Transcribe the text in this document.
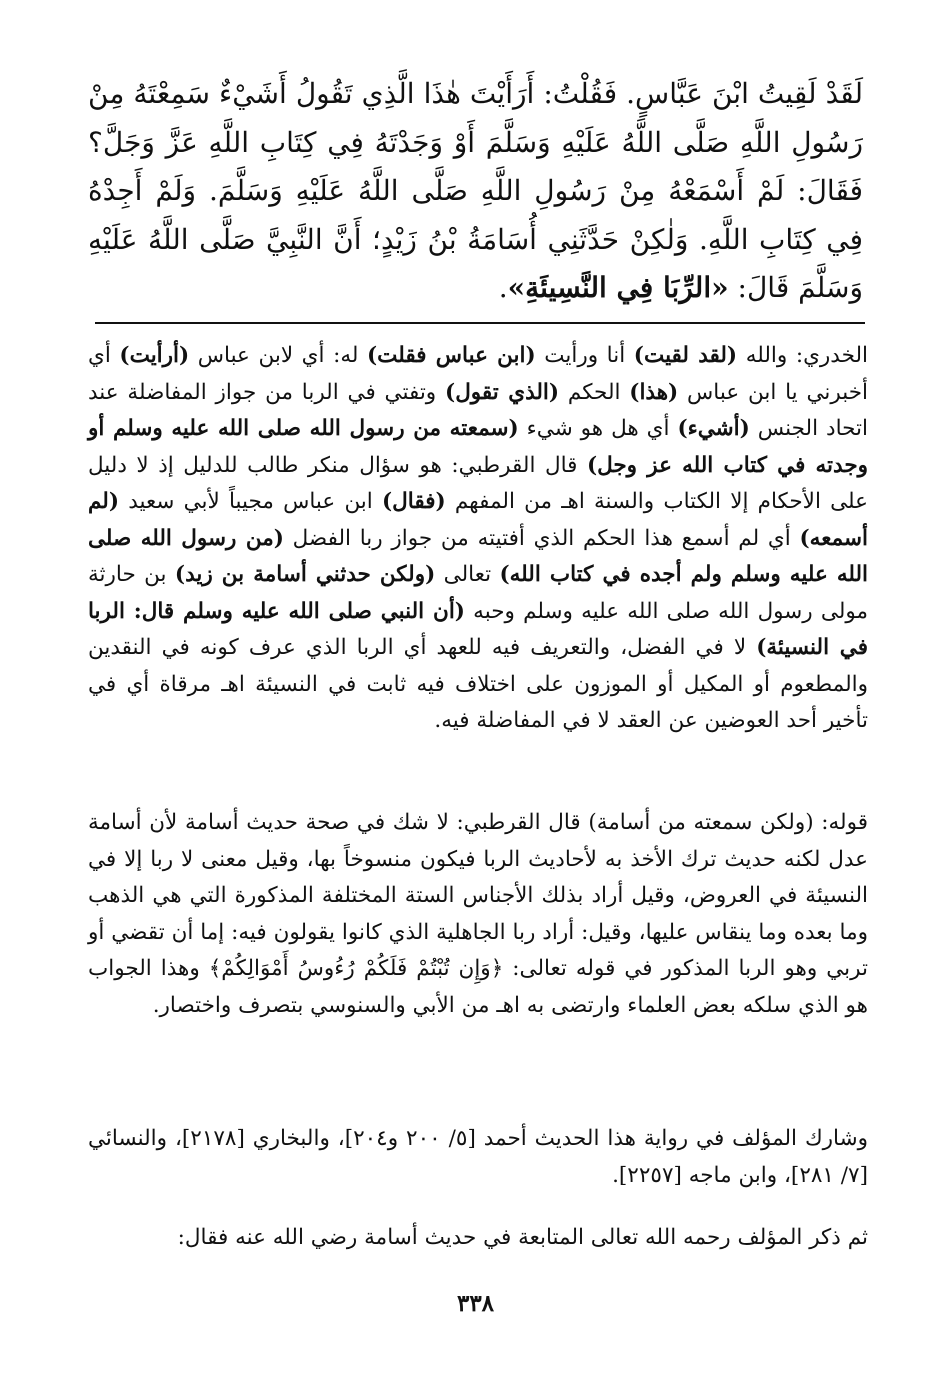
لَقَدْ لَقِيتُ ابْنَ عَبَّاسٍ. فَقُلْتُ: أَرَأَيْتَ هٰذَا الَّذِي تَقُولُ أَشَيْءٌ سَمِعْتَهُ مِنْ رَسُولِ اللَّهِ صَلَّى اللَّهُ عَلَيْهِ وَسَلَّمَ أَوْ وَجَدْتَهُ فِي كِتَابِ اللَّهِ عَزَّ وَجَلَّ؟ فَقَالَ: لَمْ أَسْمَعْهُ مِنْ رَسُولِ اللَّهِ صَلَّى اللَّهُ عَلَيْهِ وَسَلَّمَ. وَلَمْ أَجِدْهُ فِي كِتَابِ اللَّهِ. وَلٰكِنْ حَدَّثَنِي أُسَامَةُ بْنُ زَيْدٍ؛ أَنَّ النَّبِيَّ صَلَّى اللَّهُ عَلَيْهِ وَسَلَّمَ قَالَ: «الرِّبَا فِي النَّسِيئَةِ».
الخدري: والله (لقد لقيت) أنا ورأيت (ابن عباس فقلت) له: أي لابن عباس (أرأيت) أي أخبرني يا ابن عباس (هذا) الحكم (الذي تقول) وتفتي في الربا من جواز المفاضلة عند اتحاد الجنس (أشيء) أي هل هو شيء (سمعته من رسول الله صلى الله عليه وسلم أو وجدته في كتاب الله عز وجل) قال القرطبي: هو سؤال منكر طالب للدليل إذ لا دليل على الأحكام إلا الكتاب والسنة اهـ من المفهم (فقال) ابن عباس مجيباً لأبي سعيد (لم أسمعه) أي لم أسمع هذا الحكم الذي أفتيته من جواز ربا الفضل (من رسول الله صلى الله عليه وسلم ولم أجده في كتاب الله) تعالى (ولكن حدثني أسامة بن زيد) بن حارثة مولى رسول الله صلى الله عليه وسلم وحبه (أن النبي صلى الله عليه وسلم قال: الربا في النسيئة) لا في الفضل، والتعريف فيه للعهد أي الربا الذي عرف كونه في النقدين والمطعوم أو المكيل أو الموزون على اختلاف فيه ثابت في النسيئة اهـ مرقاة أي في تأخير أحد العوضين عن العقد لا في المفاضلة فيه.
قوله: (ولكن سمعته من أسامة) قال القرطبي: لا شك في صحة حديث أسامة لأن أسامة عدل لكنه حديث ترك الأخذ به لأحاديث الربا فيكون منسوخاً بها، وقيل معنى لا ربا إلا في النسيئة في العروض، وقيل أراد بذلك الأجناس الستة المختلفة المذكورة التي هي الذهب وما بعده وما ينقاس عليها، وقيل: أراد ربا الجاهلية الذي كانوا يقولون فيه: إما أن تقضي أو تربي وهو الربا المذكور في قوله تعالى: ﴿وَإِن تُبْتُمْ فَلَكُمْ رُءُوسُ أَمْوَالِكُمْ﴾ وهذا الجواب هو الذي سلكه بعض العلماء وارتضى به اهـ من الأبي والسنوسي بتصرف واختصار.
وشارك المؤلف في رواية هذا الحديث أحمد [٥/ ٢٠٠ و٢٠٤]، والبخاري [٢١٧٨]، والنسائي [٧/ ٢٨١]، وابن ماجه [٢٢٥٧].
ثم ذكر المؤلف رحمه الله تعالى المتابعة في حديث أسامة رضي الله عنه فقال:
٣٣٨
